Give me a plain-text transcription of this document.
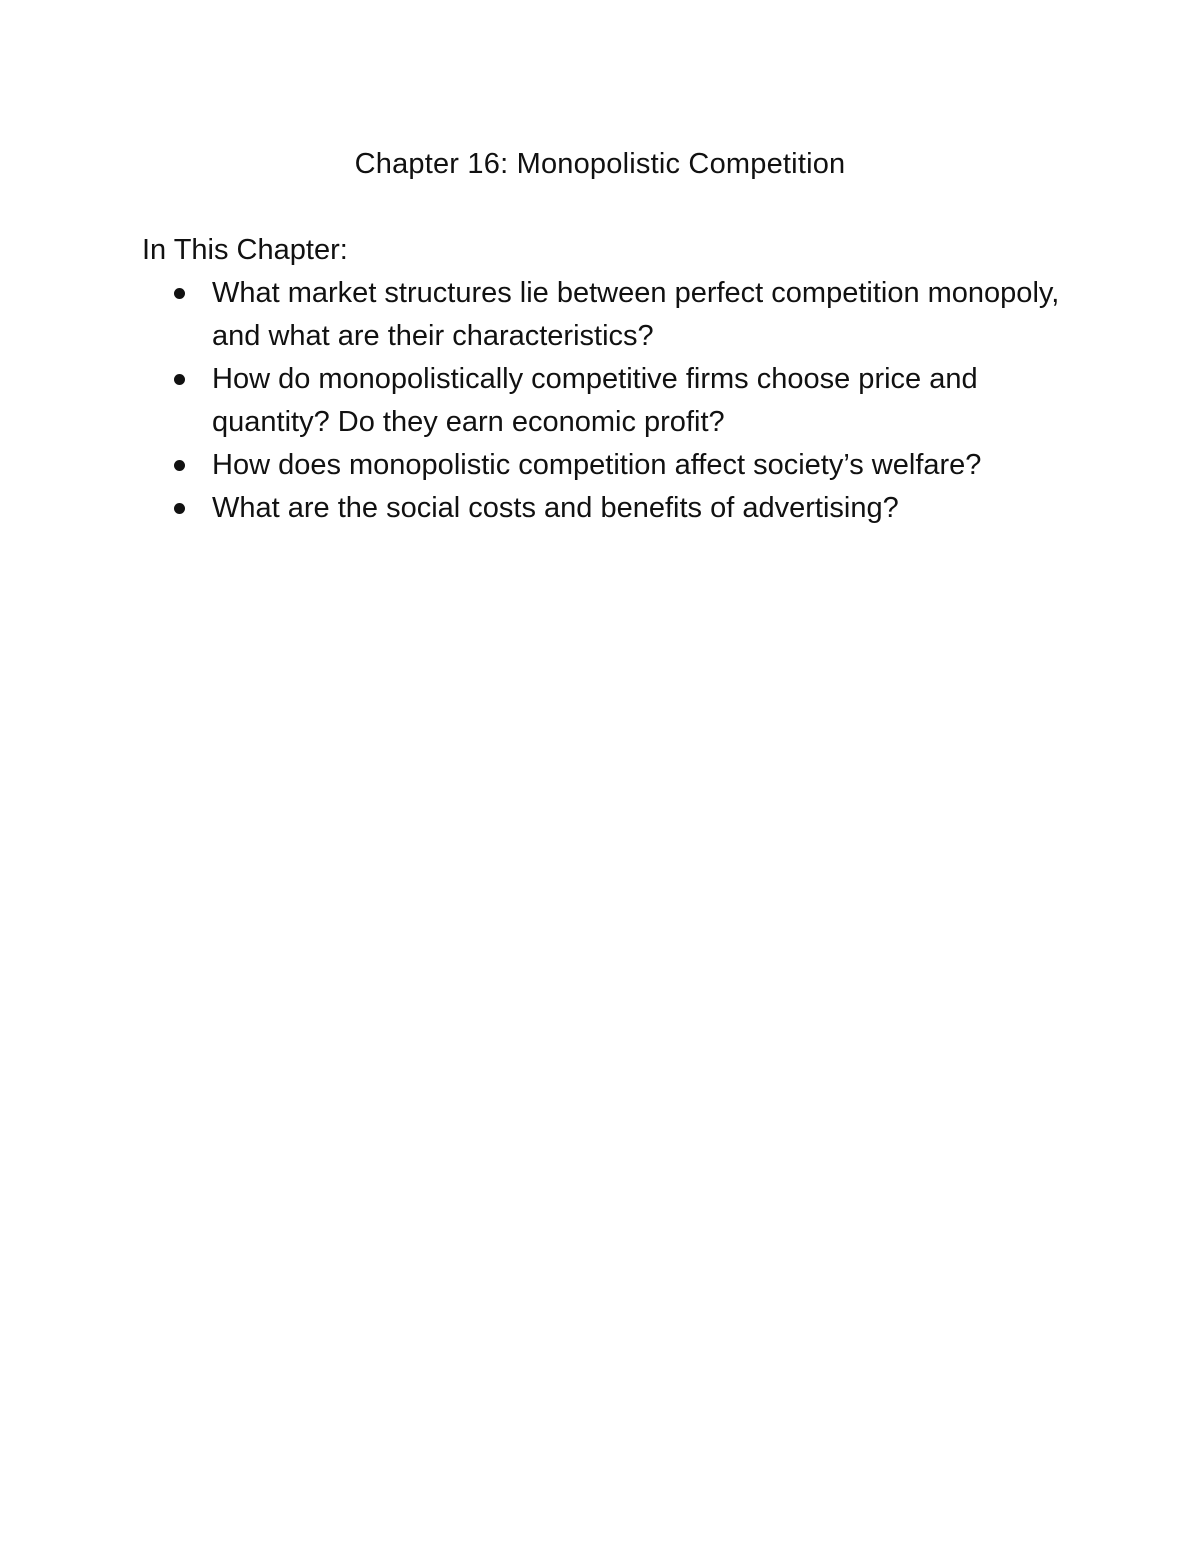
Chapter 16: Monopolistic Competition
In This Chapter:
What market structures lie between perfect competition monopoly, and what are their characteristics?
How do monopolistically competitive firms choose price and quantity? Do they earn economic profit?
How does monopolistic competition affect society’s welfare?
What are the social costs and benefits of advertising?
